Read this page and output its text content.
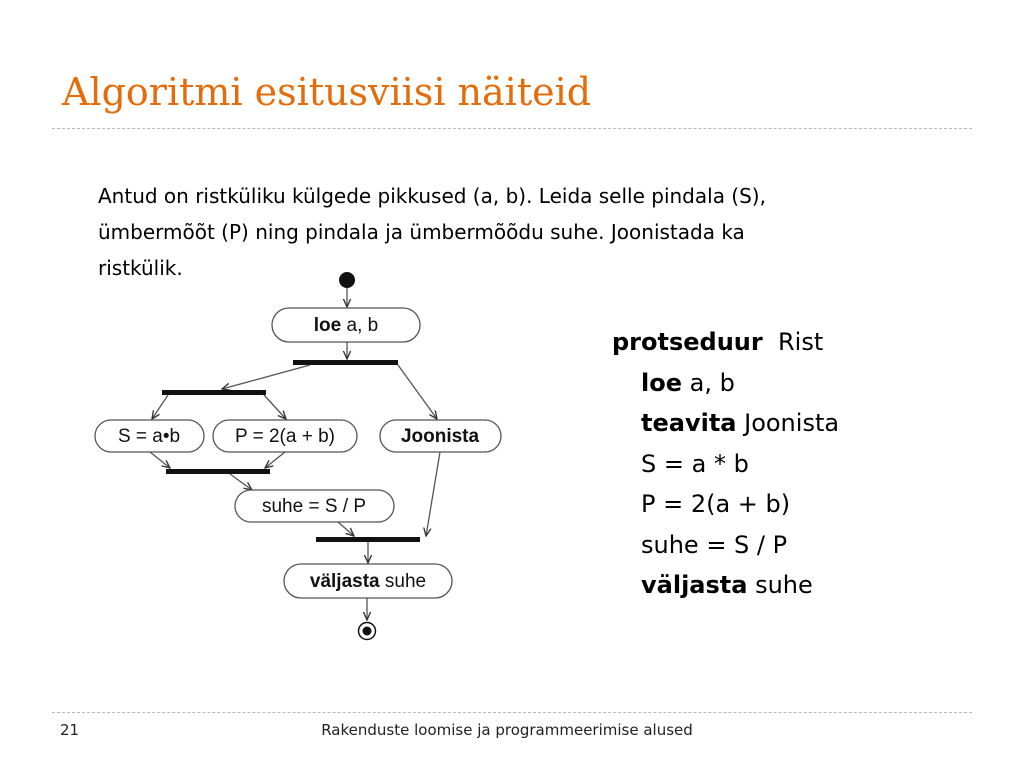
Algoritmi esitusviisi näiteid
Antud on ristküliku külgede pikkused (a, b). Leida selle pindala (S),
ümbermõõt (P) ning pindala ja ümbermõõdu suhe. Joonistada ka
ristkülik.
loe a, b
S = a•b	P = 2(a + b)	Joonista
suhe = S / P
väljasta suhe
protseduur Rist
loe a, b
teavita Joonista
S = a * b
P = 2(a + b)
suhe = S / P
väljasta suhe
21	Rakenduste loomise ja programmeerimise alused
